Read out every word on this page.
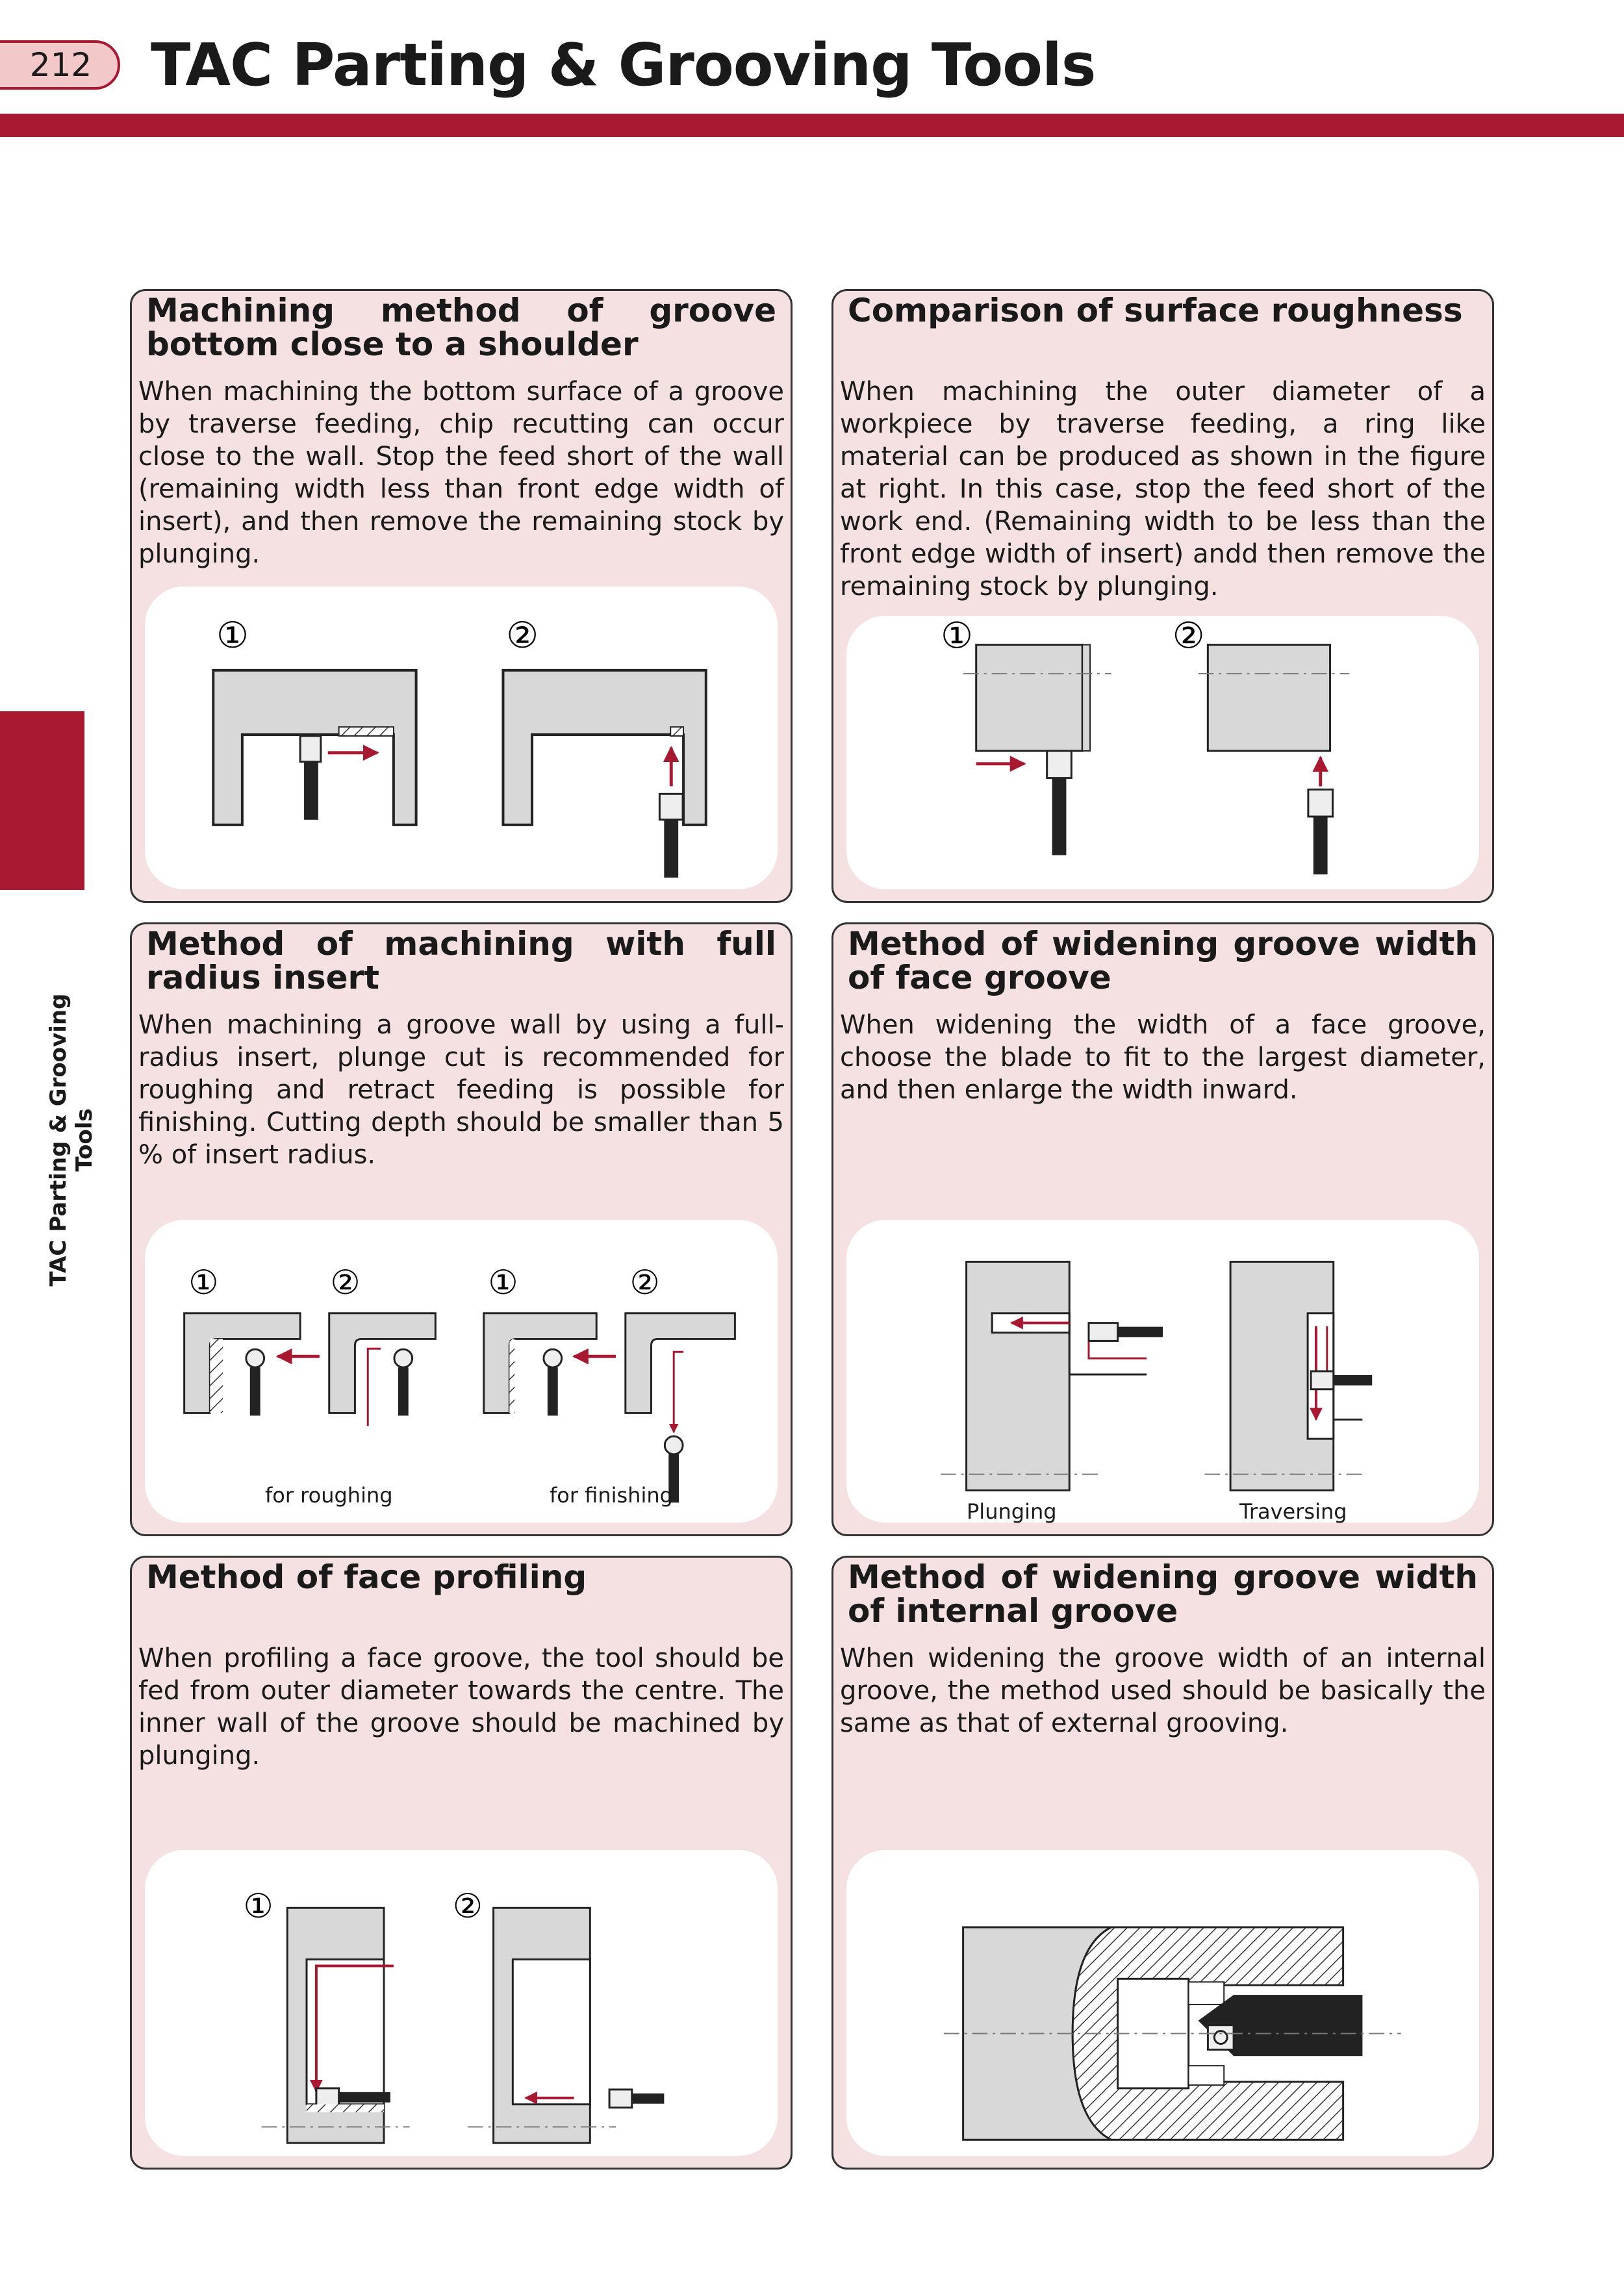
212	TAC Parting & Grooving Tools
TAC Parting & Grooving Tools
Machining method of groove bottom close to a shoulder

When machining the bottom surface of a groove by traverse feeding, chip recutting can occur close to the wall. Stop the feed short of the wall (remaining width less than front edge width of insert), and then remove the remaining stock by plunging.

①	②
Comparison of surface roughness

When machining the outer diameter of a workpiece by traverse feeding, a ring like material can be produced as shown in the figure at right. In this case, stop the feed short of the work end. (Remaining width to be less than the front edge width of insert) andd then remove the remaining stock by plunging.

①	②
Method of machining with full radius insert

When machining a groove wall by using a full-radius insert, plunge cut is recommended for roughing and retract feeding is possible for finishing. Cutting depth should be smaller than 5 % of insert radius.

①	②	①	②
for roughing	for finishing
Method of widening groove width of face groove

When widening the width of a face groove, choose the blade to fit to the largest diameter, and then enlarge the width inward.

Plunging	Traversing
Method of face profiling

When profiling a face groove, the tool should be fed from outer diameter towards the centre. The inner wall of the groove should be machined by plunging.

①	②
Method of widening groove width of internal groove

When widening the groove width of an internal groove, the method used should be basically the same as that of external grooving.
